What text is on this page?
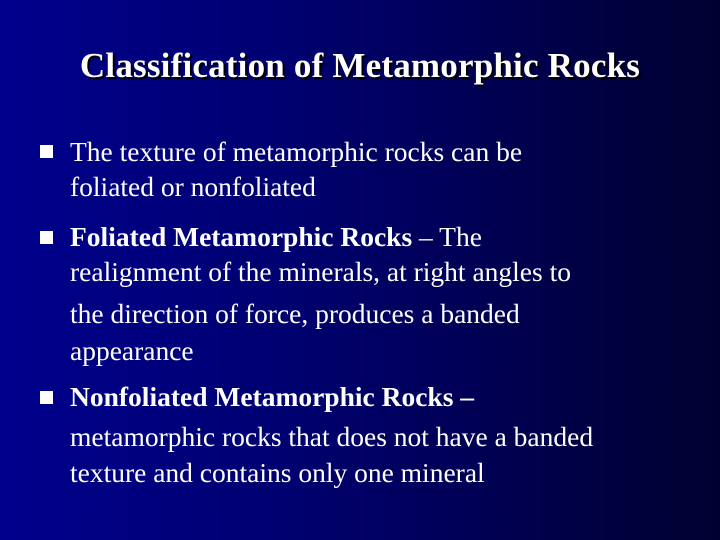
Classification of Metamorphic Rocks
The texture of metamorphic rocks can be
foliated or nonfoliated
Foliated Metamorphic Rocks – The
realignment of the minerals, at right angles to
the direction of force, produces a banded
appearance
Nonfoliated Metamorphic Rocks –
metamorphic rocks that does not have a banded
texture and contains only one mineral
